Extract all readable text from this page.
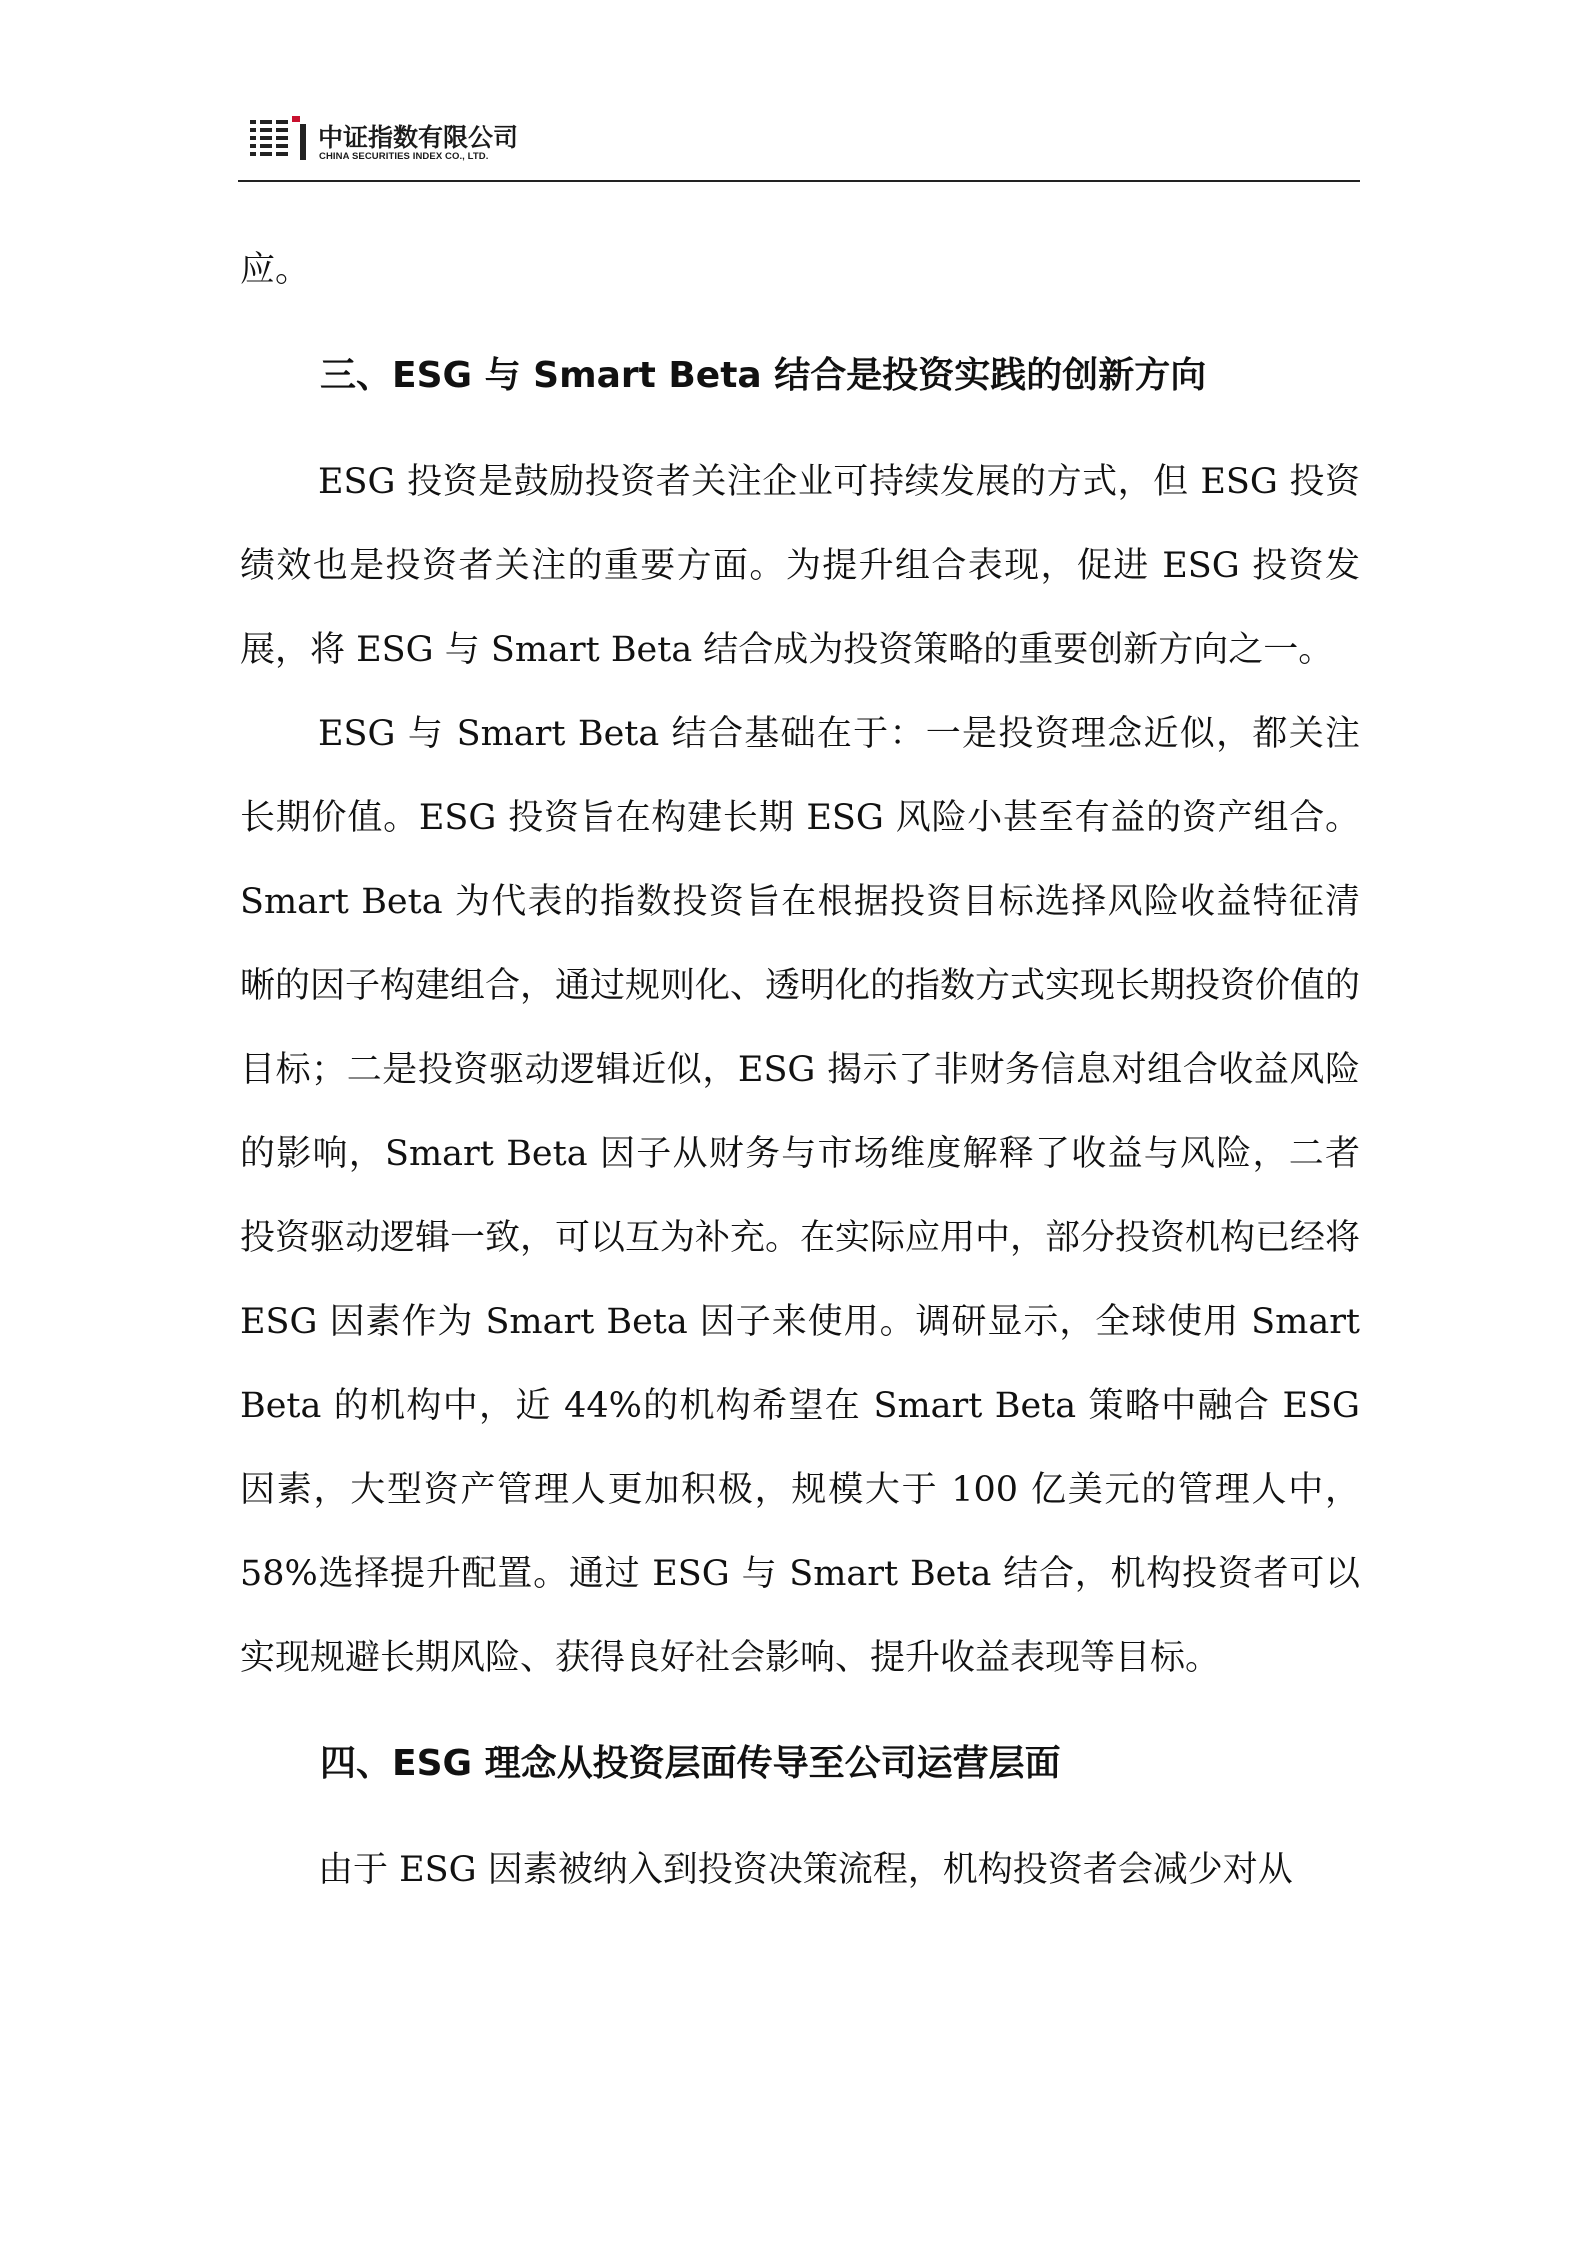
中证指数有限公司
CHINA SECURITIES INDEX CO., LTD.

应。

三、ESG 与 Smart Beta 结合是投资实践的创新方向

ESG 投资是鼓励投资者关注企业可持续发展的方式，但 ESG 投资绩效也是投资者关注的重要方面。为提升组合表现，促进 ESG 投资发展，将 ESG 与 Smart Beta 结合成为投资策略的重要创新方向之一。

ESG 与 Smart Beta 结合基础在于：一是投资理念近似，都关注长期价值。ESG 投资旨在构建长期 ESG 风险小甚至有益的资产组合。Smart Beta 为代表的指数投资旨在根据投资目标选择风险收益特征清晰的因子构建组合，通过规则化、透明化的指数方式实现长期投资价值的目标；二是投资驱动逻辑近似，ESG 揭示了非财务信息对组合收益风险的影响，Smart Beta 因子从财务与市场维度解释了收益与风险，二者投资驱动逻辑一致，可以互为补充。在实际应用中，部分投资机构已经将 ESG 因素作为 Smart Beta 因子来使用。调研显示，全球使用 Smart Beta 的机构中，近 44%的机构希望在 Smart Beta 策略中融合 ESG 因素，大型资产管理人更加积极，规模大于 100 亿美元的管理人中，58%选择提升配置。通过 ESG 与 Smart Beta 结合，机构投资者可以实现规避长期风险、获得良好社会影响、提升收益表现等目标。

四、ESG 理念从投资层面传导至公司运营层面

由于 ESG 因素被纳入到投资决策流程，机构投资者会减少对从
